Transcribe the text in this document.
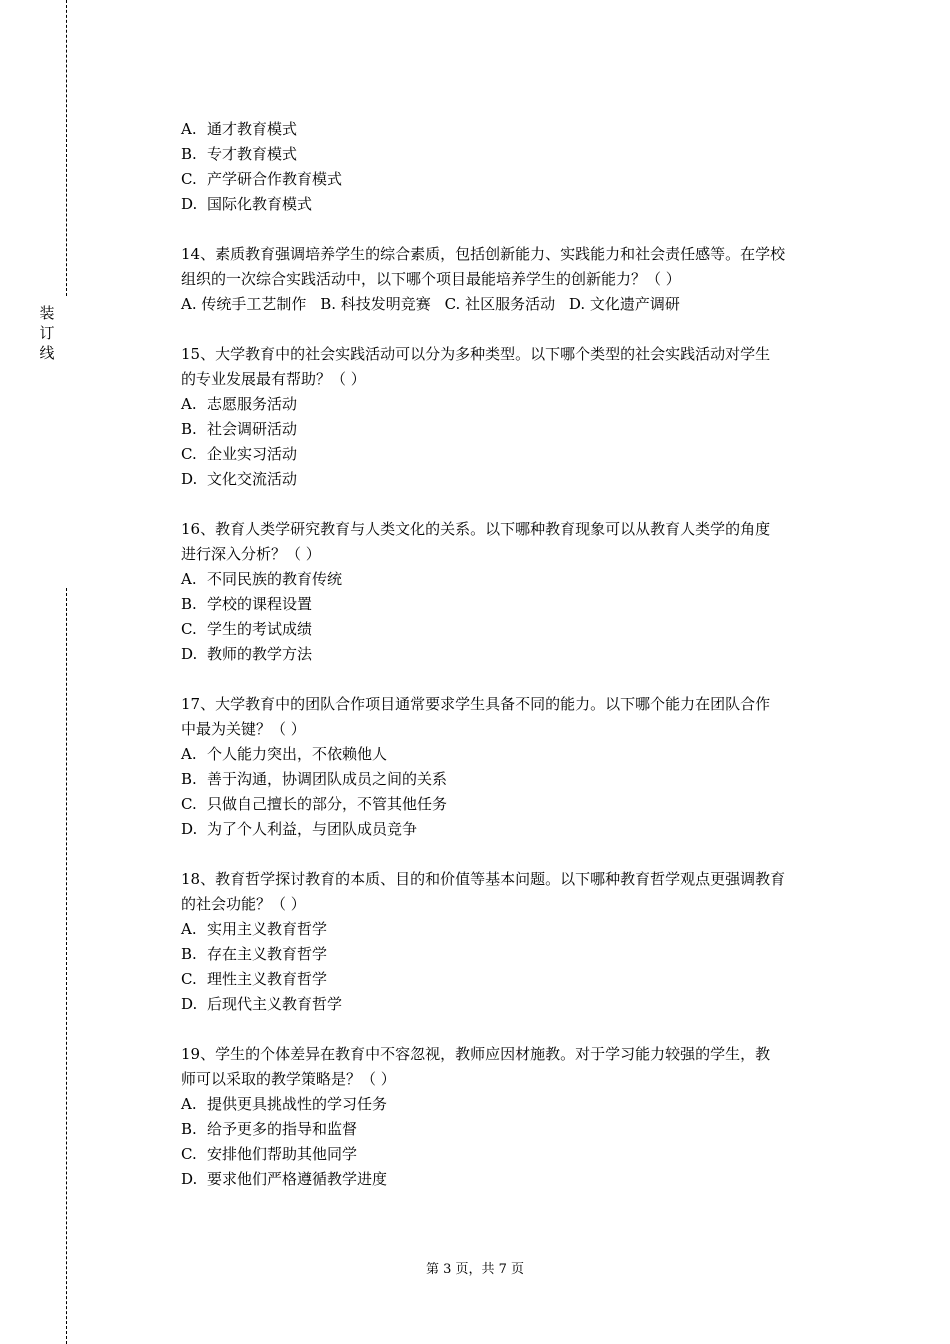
装
订
线

A. 通才教育模式

B. 专才教育模式

C. 产学研合作教育模式

D. 国际化教育模式

14、素质教育强调培养学生的综合素质，包括创新能力、实践能力和社会责任感等。在学校

组织的一次综合实践活动中，以下哪个项目最能培养学生的创新能力？（ ）

A. 传统手工艺制作 B. 科技发明竞赛 C. 社区服务活动 D. 文化遗产调研

15、大学教育中的社会实践活动可以分为多种类型。以下哪个类型的社会实践活动对学生

的专业发展最有帮助？（ ）

A. 志愿服务活动

B. 社会调研活动

C. 企业实习活动

D. 文化交流活动

16、教育人类学研究教育与人类文化的关系。以下哪种教育现象可以从教育人类学的角度

进行深入分析？（ ）

A. 不同民族的教育传统

B. 学校的课程设置

C. 学生的考试成绩

D. 教师的教学方法

17、大学教育中的团队合作项目通常要求学生具备不同的能力。以下哪个能力在团队合作

中最为关键？（ ）

A. 个人能力突出，不依赖他人

B. 善于沟通，协调团队成员之间的关系

C. 只做自己擅长的部分，不管其他任务

D. 为了个人利益，与团队成员竞争

18、教育哲学探讨教育的本质、目的和价值等基本问题。以下哪种教育哲学观点更强调教育

的社会功能？（ ）

A. 实用主义教育哲学

B. 存在主义教育哲学

C. 理性主义教育哲学

D. 后现代主义教育哲学

19、学生的个体差异在教育中不容忽视，教师应因材施教。对于学习能力较强的学生，教

师可以采取的教学策略是？（ ）

A. 提供更具挑战性的学习任务

B. 给予更多的指导和监督

C. 安排他们帮助其他同学

D. 要求他们严格遵循教学进度

第 3 页，共 7 页
